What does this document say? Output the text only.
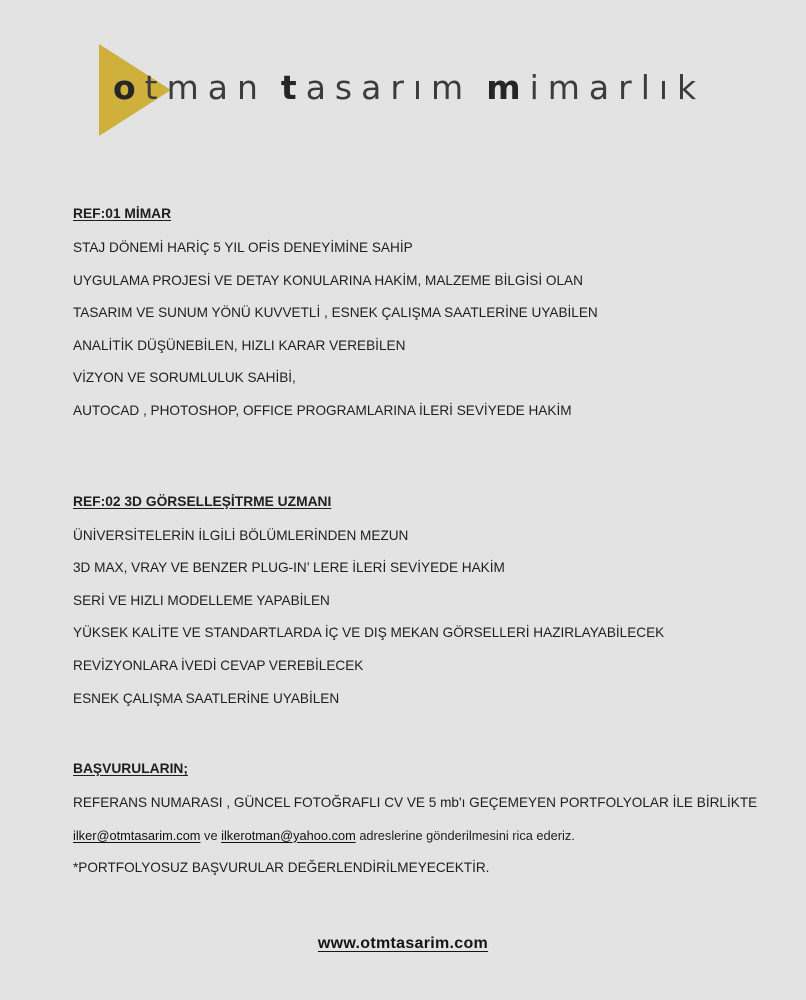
otman tasarım mimarlık
REF:01 MİMAR
STAJ DÖNEMİ HARİÇ 5 YIL OFİS DENEYİMİNE SAHİP
UYGULAMA PROJESİ VE DETAY KONULARINA HAKİM, MALZEME BİLGİSİ OLAN
TASARIM VE SUNUM YÖNÜ KUVVETLİ , ESNEK ÇALIŞMA SAATLERİNE UYABİLEN
ANALİTİK DÜŞÜNEBİLEN, HIZLI KARAR VEREBİLEN
VİZYON VE SORUMLULUK SAHİBİ,
AUTOCAD , PHOTOSHOP, OFFICE PROGRAMLARINA İLERİ SEVİYEDE HAKİM
REF:02 3D GÖRSELLEŞİTRME UZMANI
ÜNİVERSİTELERİN İLGİLİ BÖLÜMLERİNDEN MEZUN
3D MAX, VRAY VE BENZER PLUG-IN’ LERE İLERİ SEVİYEDE HAKİM
SERİ VE HIZLI MODELLEME YAPABİLEN
YÜKSEK KALİTE VE STANDARTLARDA İÇ VE DIŞ MEKAN GÖRSELLERİ HAZIRLAYABİLECEK
REVİZYONLARA İVEDİ CEVAP VEREBİLECEK
ESNEK ÇALIŞMA SAATLERİNE UYABİLEN
BAŞVURULARIN;
REFERANS NUMARASI , GÜNCEL FOTOĞRAFLI CV VE 5 mb'ı GEÇEMEYEN PORTFOLYOLAR İLE BİRLİKTE
ilker@otmtasarim.com ve ilkerotman@yahoo.com adreslerine gönderilmesini rica ederiz.
*PORTFOLYOSUZ BAŞVURULAR DEĞERLENDİRİLMEYECEKTİR.
www.otmtasarim.com
